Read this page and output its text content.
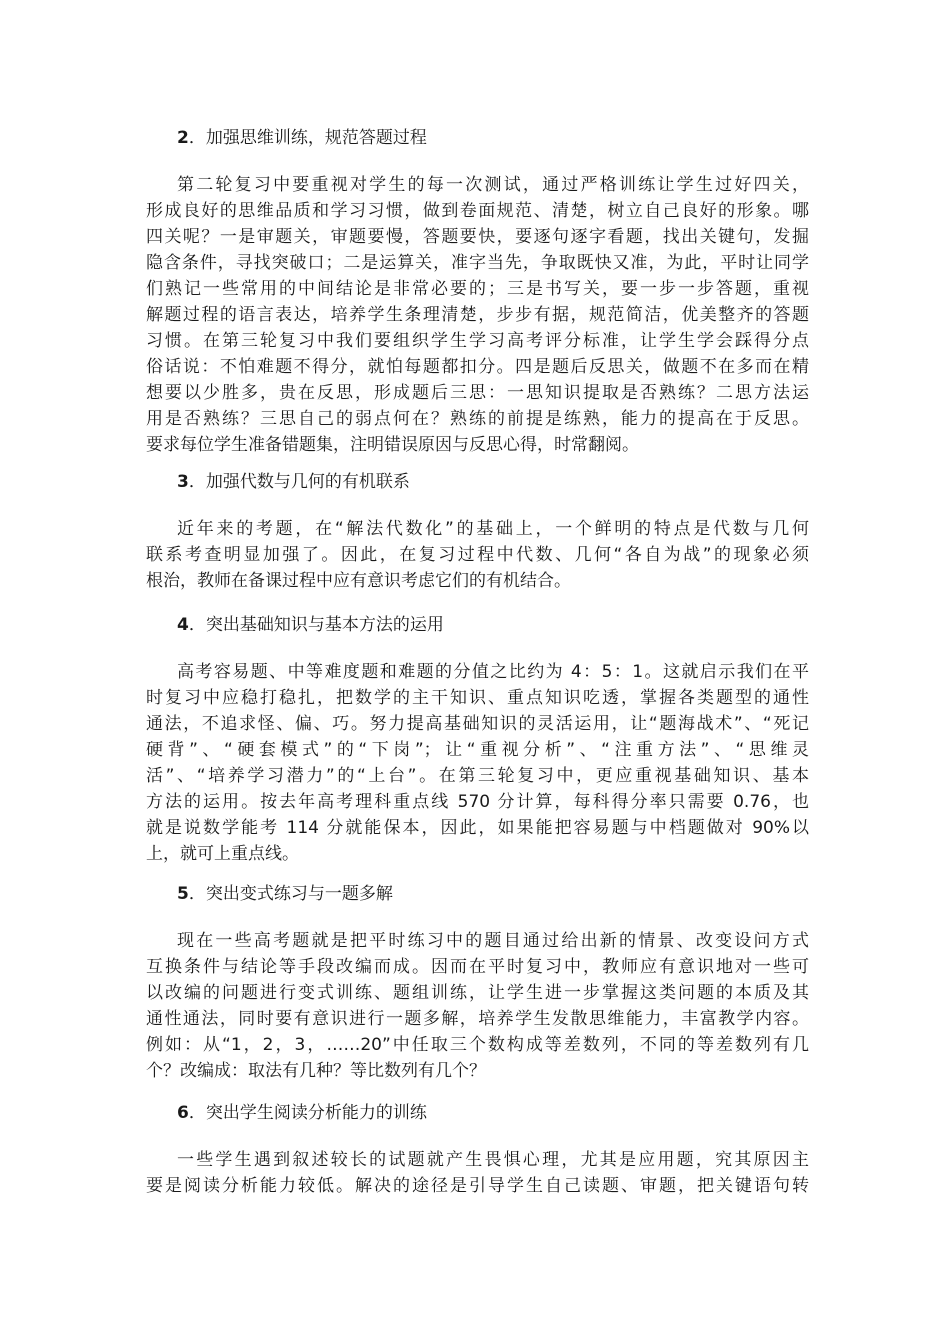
2．加强思维训练，规范答题过程
第二轮复习中要重视对学生的每一次测试，通过严格训练让学生过好四关，
形成良好的思维品质和学习习惯，做到卷面规范、清楚，树立自己良好的形象。哪
四关呢？一是审题关，审题要慢，答题要快，要逐句逐字看题，找出关键句，发掘
隐含条件，寻找突破口；二是运算关，准字当先，争取既快又准，为此，平时让同学
们熟记一些常用的中间结论是非常必要的；三是书写关，要一步一步答题，重视
解题过程的语言表达，培养学生条理清楚，步步有据，规范简洁，优美整齐的答题
习惯。在第三轮复习中我们要组织学生学习高考评分标准，让学生学会踩得分点
俗话说：不怕难题不得分，就怕每题都扣分。四是题后反思关，做题不在多而在精
想要以少胜多，贵在反思，形成题后三思：一思知识提取是否熟练？二思方法运
用是否熟练？三思自己的弱点何在？熟练的前提是练熟，能力的提高在于反思。
要求每位学生准备错题集，注明错误原因与反思心得，时常翻阅。
3．加强代数与几何的有机联系
近年来的考题，在“解法代数化”的基础上，一个鲜明的特点是代数与几何
联系考查明显加强了。因此，在复习过程中代数、几何“各自为战”的现象必须
根治，教师在备课过程中应有意识考虑它们的有机结合。
4．突出基础知识与基本方法的运用
高考容易题、中等难度题和难题的分值之比约为 4：5：1。这就启示我们在平
时复习中应稳打稳扎，把数学的主干知识、重点知识吃透，掌握各类题型的通性
通法，不追求怪、偏、巧。努力提高基础知识的灵活运用，让“题海战术”、“死记
硬背”、“硬套模式”的“下岗”；让“重视分析”、“注重方法”、“思维灵
活”、“培养学习潜力”的“上台”。在第三轮复习中，更应重视基础知识、基本
方法的运用。按去年高考理科重点线 570 分计算，每科得分率只需要 0.76，也
就是说数学能考 114 分就能保本，因此，如果能把容易题与中档题做对 90%以
上，就可上重点线。
5．突出变式练习与一题多解
现在一些高考题就是把平时练习中的题目通过给出新的情景、改变设问方式
互换条件与结论等手段改编而成。因而在平时复习中，教师应有意识地对一些可
以改编的问题进行变式训练、题组训练，让学生进一步掌握这类问题的本质及其
通性通法，同时要有意识进行一题多解，培养学生发散思维能力，丰富教学内容。
例如：从“1，2，3，……20”中任取三个数构成等差数列，不同的等差数列有几
个？改编成：取法有几种？等比数列有几个？
6．突出学生阅读分析能力的训练
一些学生遇到叙述较长的试题就产生畏惧心理，尤其是应用题，究其原因主
要是阅读分析能力较低。解决的途径是引导学生自己读题、审题，把关键语句转
